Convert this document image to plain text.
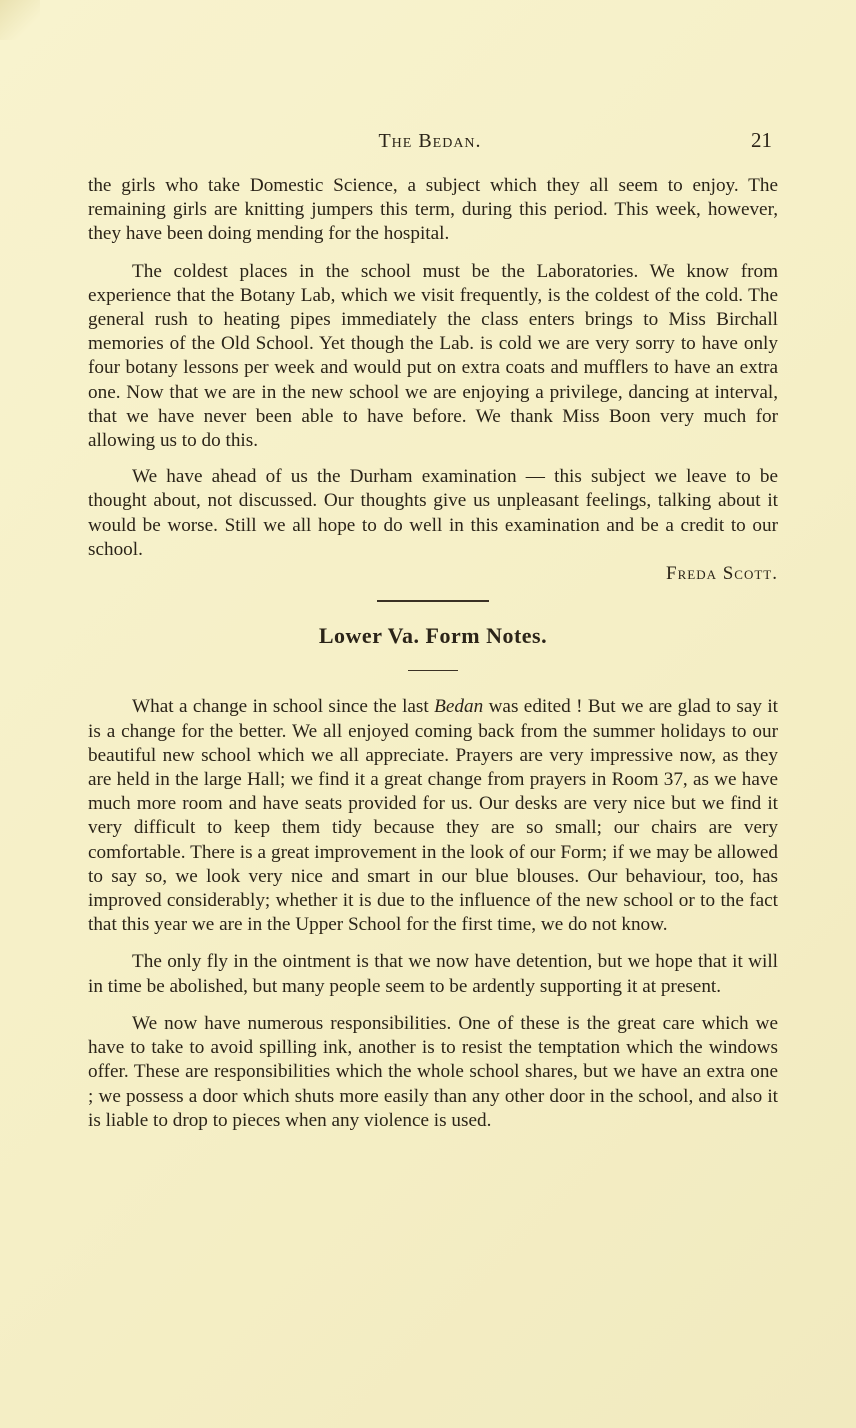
The Bedan.	21

the girls who take Domestic Science, a subject which they all seem to enjoy. The remaining girls are knitting jumpers this term, during this period. This week, however, they have been doing mending for the hospital.

The coldest places in the school must be the Laboratories. We know from experience that the Botany Lab, which we visit frequently, is the coldest of the cold. The general rush to heating pipes immediately the class enters brings to Miss Birchall memories of the Old School. Yet though the Lab. is cold we are very sorry to have only four botany lessons per week and would put on extra coats and mufflers to have an extra one. Now that we are in the new school we are enjoying a privilege, dancing at interval, that we have never been able to have before. We thank Miss Boon very much for allowing us to do this.

We have ahead of us the Durham examination — this subject we leave to be thought about, not discussed. Our thoughts give us unpleasant feelings, talking about it would be worse. Still we all hope to do well in this examination and be a credit to our school.

Freda Scott.
Lower Va. Form Notes.

What a change in school since the last Bedan was edited ! But we are glad to say it is a change for the better. We all enjoyed coming back from the summer holidays to our beautiful new school which we all appreciate. Prayers are very impressive now, as they are held in the large Hall; we find it a great change from prayers in Room 37, as we have much more room and have seats provided for us. Our desks are very nice but we find it very difficult to keep them tidy because they are so small; our chairs are very comfortable. There is a great improvement in the look of our Form; if we may be allowed to say so, we look very nice and smart in our blue blouses. Our behaviour, too, has improved considerably; whether it is due to the influence of the new school or to the fact that this year we are in the Upper School for the first time, we do not know.

The only fly in the ointment is that we now have detention, but we hope that it will in time be abolished, but many people seem to be ardently supporting it at present.

We now have numerous responsibilities. One of these is the great care which we have to take to avoid spilling ink, another is to resist the temptation which the windows offer. These are responsibilities which the whole school shares, but we have an extra one ; we possess a door which shuts more easily than any other door in the school, and also it is liable to drop to pieces when any violence is used.
